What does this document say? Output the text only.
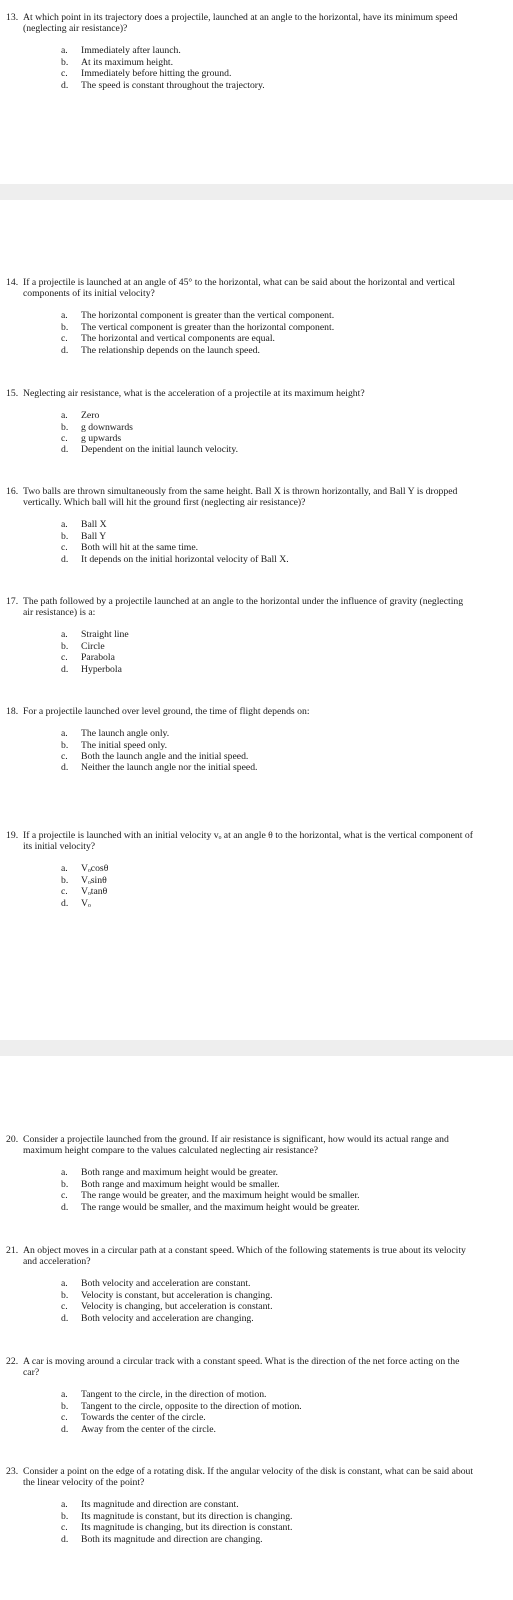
13. At which point in its trajectory does a projectile, launched at an angle to the horizontal, have its minimum speed (neglecting air resistance)?
a. Immediately after launch.
b. At its maximum height.
c. Immediately before hitting the ground.
d. The speed is constant throughout the trajectory.
14. If a projectile is launched at an angle of 45° to the horizontal, what can be said about the horizontal and vertical components of its initial velocity?
a. The horizontal component is greater than the vertical component.
b. The vertical component is greater than the horizontal component.
c. The horizontal and vertical components are equal.
d. The relationship depends on the launch speed.
15. Neglecting air resistance, what is the acceleration of a projectile at its maximum height?
a. Zero
b. g downwards
c. g upwards
d. Dependent on the initial launch velocity.
16. Two balls are thrown simultaneously from the same height. Ball X is thrown horizontally, and Ball Y is dropped vertically. Which ball will hit the ground first (neglecting air resistance)?
a. Ball X
b. Ball Y
c. Both will hit at the same time.
d. It depends on the initial horizontal velocity of Ball X.
17. The path followed by a projectile launched at an angle to the horizontal under the influence of gravity (neglecting air resistance) is a:
a. Straight line
b. Circle
c. Parabola
d. Hyperbola
18. For a projectile launched over level ground, the time of flight depends on:
a. The launch angle only.
b. The initial speed only.
c. Both the launch angle and the initial speed.
d. Neither the launch angle nor the initial speed.
19. If a projectile is launched with an initial velocity vₒ at an angle θ to the horizontal, what is the vertical component of its initial velocity?
a. Vₒcosθ
b. Vₒsinθ
c. Vₒtanθ
d. Vₒ
20. Consider a projectile launched from the ground. If air resistance is significant, how would its actual range and maximum height compare to the values calculated neglecting air resistance?
a. Both range and maximum height would be greater.
b. Both range and maximum height would be smaller.
c. The range would be greater, and the maximum height would be smaller.
d. The range would be smaller, and the maximum height would be greater.
21. An object moves in a circular path at a constant speed. Which of the following statements is true about its velocity and acceleration?
a. Both velocity and acceleration are constant.
b. Velocity is constant, but acceleration is changing.
c. Velocity is changing, but acceleration is constant.
d. Both velocity and acceleration are changing.
22. A car is moving around a circular track with a constant speed. What is the direction of the net force acting on the car?
a. Tangent to the circle, in the direction of motion.
b. Tangent to the circle, opposite to the direction of motion.
c. Towards the center of the circle.
d. Away from the center of the circle.
23. Consider a point on the edge of a rotating disk. If the angular velocity of the disk is constant, what can be said about the linear velocity of the point?
a. Its magnitude and direction are constant.
b. Its magnitude is constant, but its direction is changing.
c. Its magnitude is changing, but its direction is constant.
d. Both its magnitude and direction are changing.
